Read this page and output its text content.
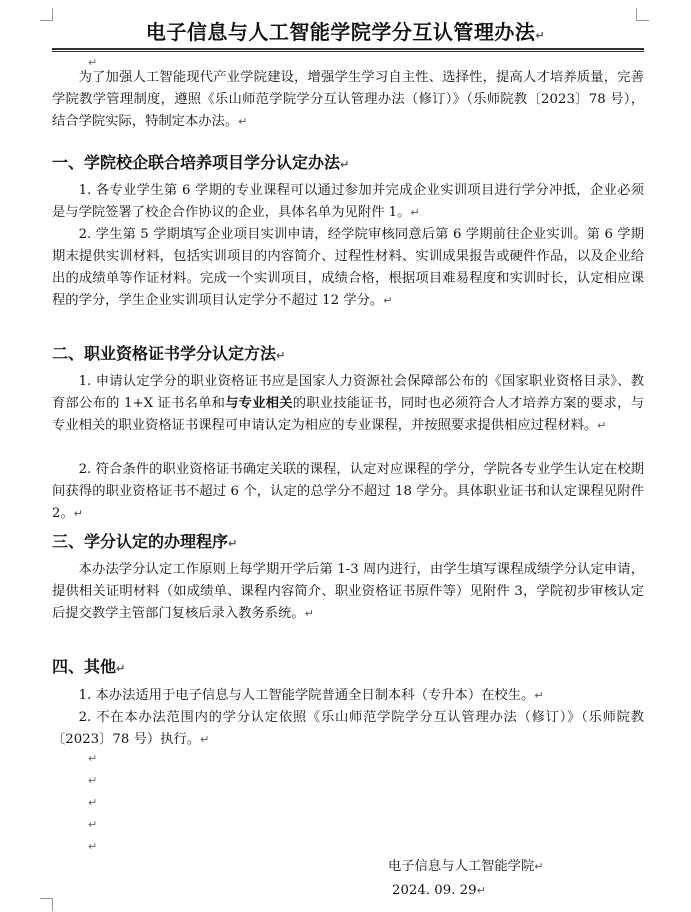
电子信息与人工智能学院学分互认管理办法↵
↵

为了加强人工智能现代产业学院建设，增强学生学习自主性、选择性，提高人才培养质量，完善学院教学管理制度，遵照《乐山师范学院学分互认管理办法（修订）》（乐师院教〔2023〕78 号），结合学院实际，特制定本办法。↵

一、学院校企联合培养项目学分认定办法↵

1. 各专业学生第 6 学期的专业课程可以通过参加并完成企业实训项目进行学分冲抵，企业必须是与学院签署了校企合作协议的企业，具体名单为见附件 1。↵

2. 学生第 5 学期填写企业项目实训申请，经学院审核同意后第 6 学期前往企业实训。第 6 学期期末提供实训材料，包括实训项目的内容简介、过程性材料、实训成果报告或硬件作品，以及企业给出的成绩单等作证材料。完成一个实训项目，成绩合格，根据项目难易程度和实训时长，认定相应课程的学分，学生企业实训项目认定学分不超过 12 学分。↵

二、职业资格证书学分认定方法↵

1. 申请认定学分的职业资格证书应是国家人力资源社会保障部公布的《国家职业资格目录》、教育部公布的 1+X 证书名单和与专业相关的职业技能证书，同时也必须符合人才培养方案的要求，与专业相关的职业资格证书课程可申请认定为相应的专业课程，并按照要求提供相应过程材料。↵

2. 符合条件的职业资格证书确定关联的课程，认定对应课程的学分，学院各专业学生认定在校期间获得的职业资格证书不超过 6 个，认定的总学分不超过 18 学分。具体职业证书和认定课程见附件 2。↵

三、学分认定的办理程序↵

本办法学分认定工作原则上每学期开学后第 1-3 周内进行，由学生填写课程成绩学分认定申请，提供相关证明材料（如成绩单、课程内容简介、职业资格证书原件等）见附件 3，学院初步审核认定后提交教学主管部门复核后录入教务系统。↵

四、其他↵

1. 本办法适用于电子信息与人工智能学院普通全日制本科（专升本）在校生。↵

2. 不在本办法范围内的学分认定依照《乐山师范学院学分互认管理办法（修订）》（乐师院教〔2023〕78 号）执行。↵

↵
↵
↵
↵
↵
电子信息与人工智能学院↵
2024. 09. 29↵
